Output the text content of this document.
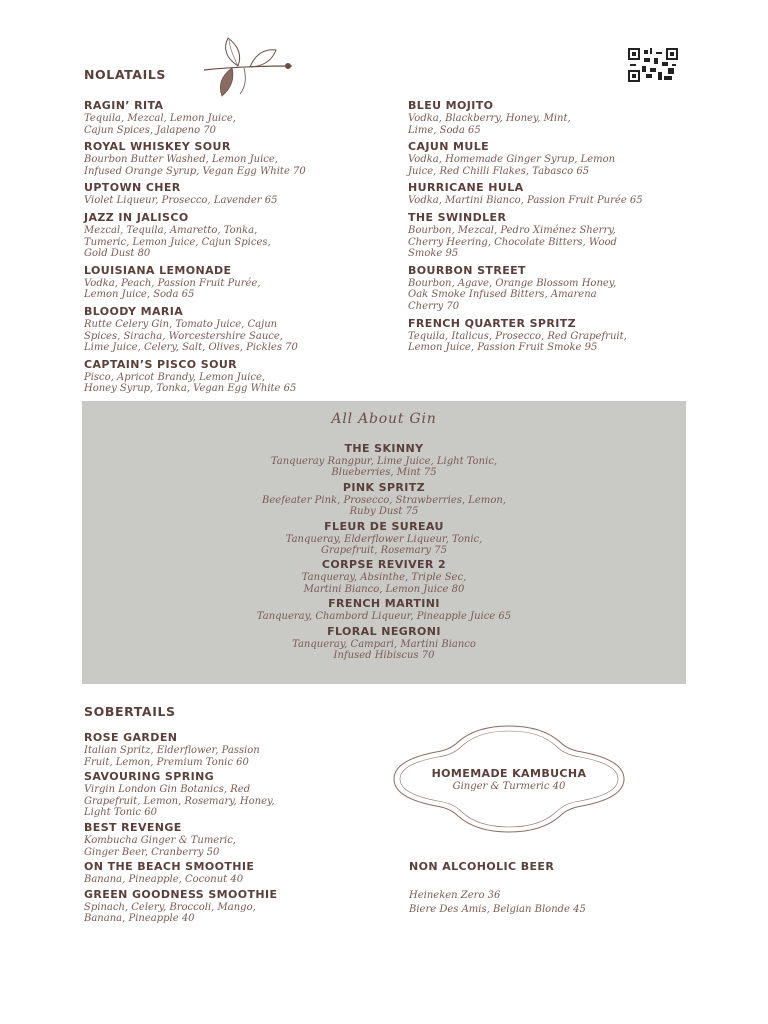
NOLATAILS
RAGIN’ RITA
Tequila, Mezcal, Lemon Juice,
Cajun Spices, Jalapeno 70
ROYAL WHISKEY SOUR
Bourbon Butter Washed, Lemon Juice,
Infused Orange Syrup, Vegan Egg White 70
UPTOWN CHER
Violet Liqueur, Prosecco, Lavender 65
JAZZ IN JALISCO
Mezcal, Tequila, Amaretto, Tonka,
Tumeric, Lemon Juice, Cajun Spices,
Gold Dust 80
LOUISIANA LEMONADE
Vodka, Peach, Passion Fruit Purée,
Lemon Juice, Soda 65
BLOODY MARIA
Rutte Celery Gin, Tomato Juice, Cajun
Spices, Siracha, Worcestershire Sauce,
Lime Juice, Celery, Salt, Olives, Pickles 70
CAPTAIN’S PISCO SOUR
Pisco, Apricot Brandy, Lemon Juice,
Honey Syrup, Tonka, Vegan Egg White 65
BLEU MOJITO
Vodka, Blackberry, Honey, Mint,
Lime, Soda 65
CAJUN MULE
Vodka, Homemade Ginger Syrup, Lemon
Juice, Red Chilli Flakes, Tabasco 65
HURRICANE HULA
Vodka, Martini Bianco, Passion Fruit Purée 65
THE SWINDLER
Bourbon, Mezcal, Pedro Ximénez Sherry,
Cherry Heering, Chocolate Bitters, Wood
Smoke 95
BOURBON STREET
Bourbon, Agave, Orange Blossom Honey,
Oak Smoke Infused Bitters, Amarena
Cherry 70
FRENCH QUARTER SPRITZ
Tequila, Italicus, Prosecco, Red Grapefruit,
Lemon Juice, Passion Fruit Smoke 95
All About Gin
THE SKINNY
Tanqueray Rangpur, Lime Juice, Light Tonic,
Blueberries, Mint 75
PINK SPRITZ
Beefeater Pink, Prosecco, Strawberries, Lemon,
Ruby Dust 75
FLEUR DE SUREAU
Tanqueray, Elderflower Liqueur, Tonic,
Grapefruit, Rosemary 75
CORPSE REVIVER 2
Tanqueray, Absinthe, Triple Sec,
Martini Bianco, Lemon Juice 80
FRENCH MARTINI
Tanqueray, Chambord Liqueur, Pineapple Juice 65
FLORAL NEGRONI
Tanqueray, Campari, Martini Bianco
Infused Hibiscus 70
SOBERTAILS
ROSE GARDEN
Italian Spritz, Elderflower, Passion
Fruit, Lemon, Premium Tonic 60
SAVOURING SPRING
Virgin London Gin Botanics, Red
Grapefruit, Lemon, Rosemary, Honey,
Light Tonic 60
BEST REVENGE
Kombucha Ginger & Tumeric,
Ginger Beer, Cranberry 50
ON THE BEACH SMOOTHIE
Banana, Pineapple, Coconut 40
GREEN GOODNESS SMOOTHIE
Spinach, Celery, Broccoli, Mango,
Banana, Pineapple 40
HOMEMADE KAMBUCHA
Ginger & Turmeric 40
NON ALCOHOLIC BEER
Heineken Zero 36
Biere Des Amis, Belgian Blonde 45
